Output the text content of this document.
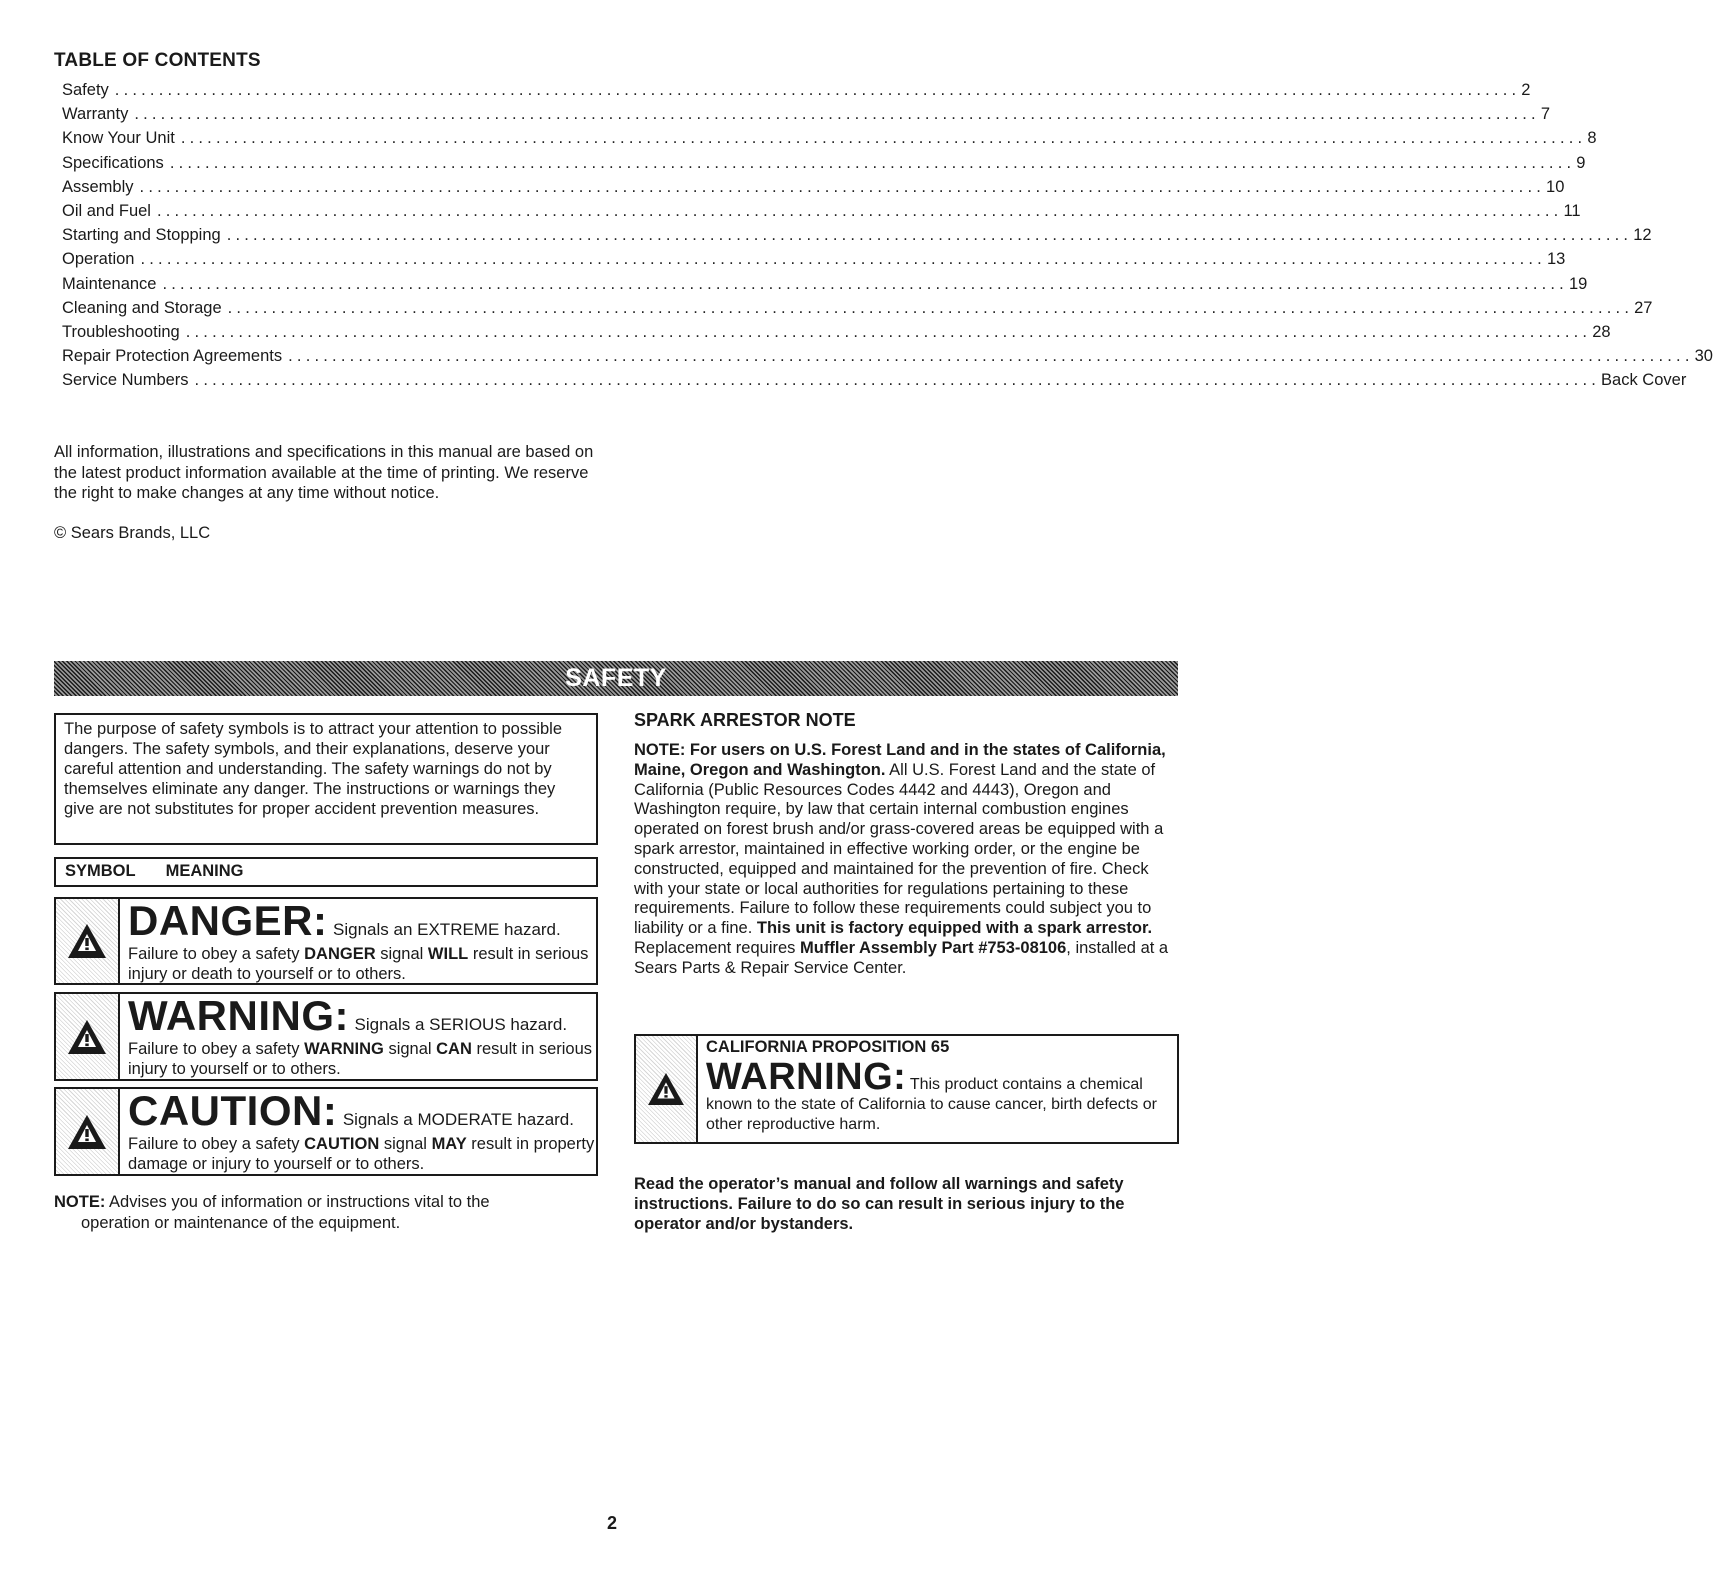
TABLE OF CONTENTS
Safety ................................................................................................................................................................ 2
Warranty ................................................................................................................................................................ 7
Know Your Unit ................................................................................................................................................................ 8
Specifications ................................................................................................................................................................ 9
Assembly ................................................................................................................................................................ 10
Oil and Fuel ................................................................................................................................................................ 11
Starting and Stopping ................................................................................................................................................................ 12
Operation ................................................................................................................................................................ 13
Maintenance ................................................................................................................................................................ 19
Cleaning and Storage ................................................................................................................................................................ 27
Troubleshooting ................................................................................................................................................................ 28
Repair Protection Agreements ................................................................................................................................................................ 30
Service Numbers ................................................................................................................................................................ Back Cover
All information, illustrations and specifications in this manual are based on the latest product information available at the time of printing. We reserve the right to make changes at any time without notice.
© Sears Brands, LLC
SAFETY
The purpose of safety symbols is to attract your attention to possible dangers. The safety symbols, and their explanations, deserve your careful attention and understanding. The safety warnings do not by themselves eliminate any danger. The instructions or warnings they give are not substitutes for proper accident prevention measures.
SYMBOL MEANING
DANGER: Signals an EXTREME hazard.
Failure to obey a safety DANGER signal WILL result in serious injury or death to yourself or to others.
WARNING: Signals a SERIOUS hazard.
Failure to obey a safety WARNING signal CAN result in serious injury to yourself or to others.
CAUTION: Signals a MODERATE hazard.
Failure to obey a safety CAUTION signal MAY result in property damage or injury to yourself or to others.
NOTE: Advises you of information or instructions vital to the
operation or maintenance of the equipment.
SPARK ARRESTOR NOTE
NOTE: For users on U.S. Forest Land and in the states of California, Maine, Oregon and Washington. All U.S. Forest Land and the state of California (Public Resources Codes 4442 and 4443), Oregon and Washington require, by law that certain internal combustion engines operated on forest brush and/or grass-covered areas be equipped with a spark arrestor, maintained in effective working order, or the engine be constructed, equipped and maintained for the prevention of fire. Check with your state or local authorities for regulations pertaining to these requirements. Failure to follow these requirements could subject you to liability or a fine. This unit is factory equipped with a spark arrestor. Replacement requires Muffler Assembly Part #753-08106, installed at a Sears Parts & Repair Service Center.
CALIFORNIA PROPOSITION 65
WARNING: This product contains a chemical
known to the state of California to cause cancer, birth defects or other reproductive harm.
Read the operator’s manual and follow all warnings and safety instructions. Failure to do so can result in serious injury to the operator and/or bystanders.
2
